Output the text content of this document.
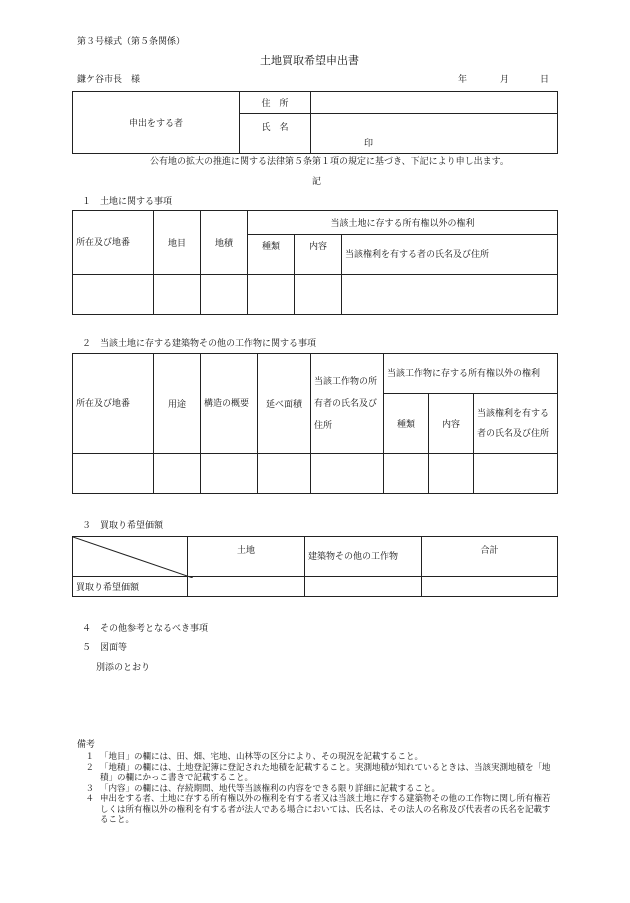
第３号様式（第５条関係）
土地買取希望申出書
鎌ケ谷市長　様	年	月	日
申出をする者	住　所	
	氏　名	印
公有地の拡大の推進に関する法律第５条第１項の規定に基づき、下記により申し出ます。
記
１　土地に関する事項
所在及び地番	地目	地積	当該土地に存する所有権以外の権利		
			種類	内容	当該権利を有する者の氏名及び住所

２　当該土地に存する建築物その他の工作物に関する事項
所在及び地番	用途	構造の概要	延べ面積	当該工作物の所有者の氏名及び住所	当該工作物に存する所有権以外の権利		
					種類	内容	当該権利を有する者の氏名及び住所

３　買取り希望価額
	土地	建築物その他の工作物	合計
買取り希望価額			
４　その他参考となるべき事項
５　図面等
別添のとおり
備考
１ 「地目」の欄には、田、畑、宅地、山林等の区分により、その現況を記載すること。
２ 「地積」の欄には、土地登記簿に登記された地積を記載すること。実測地積が知れているときは、当該実測地積を「地積」の欄にかっこ書きで記載すること。
３ 「内容」の欄には、存続期間、地代等当該権利の内容をできる限り詳細に記載すること。
４ 申出をする者、土地に存する所有権以外の権利を有する者又は当該土地に存する建築物その他の工作物に関し所有権若しくは所有権以外の権利を有する者が法人である場合においては、氏名は、その法人の名称及び代表者の氏名を記載すること。
